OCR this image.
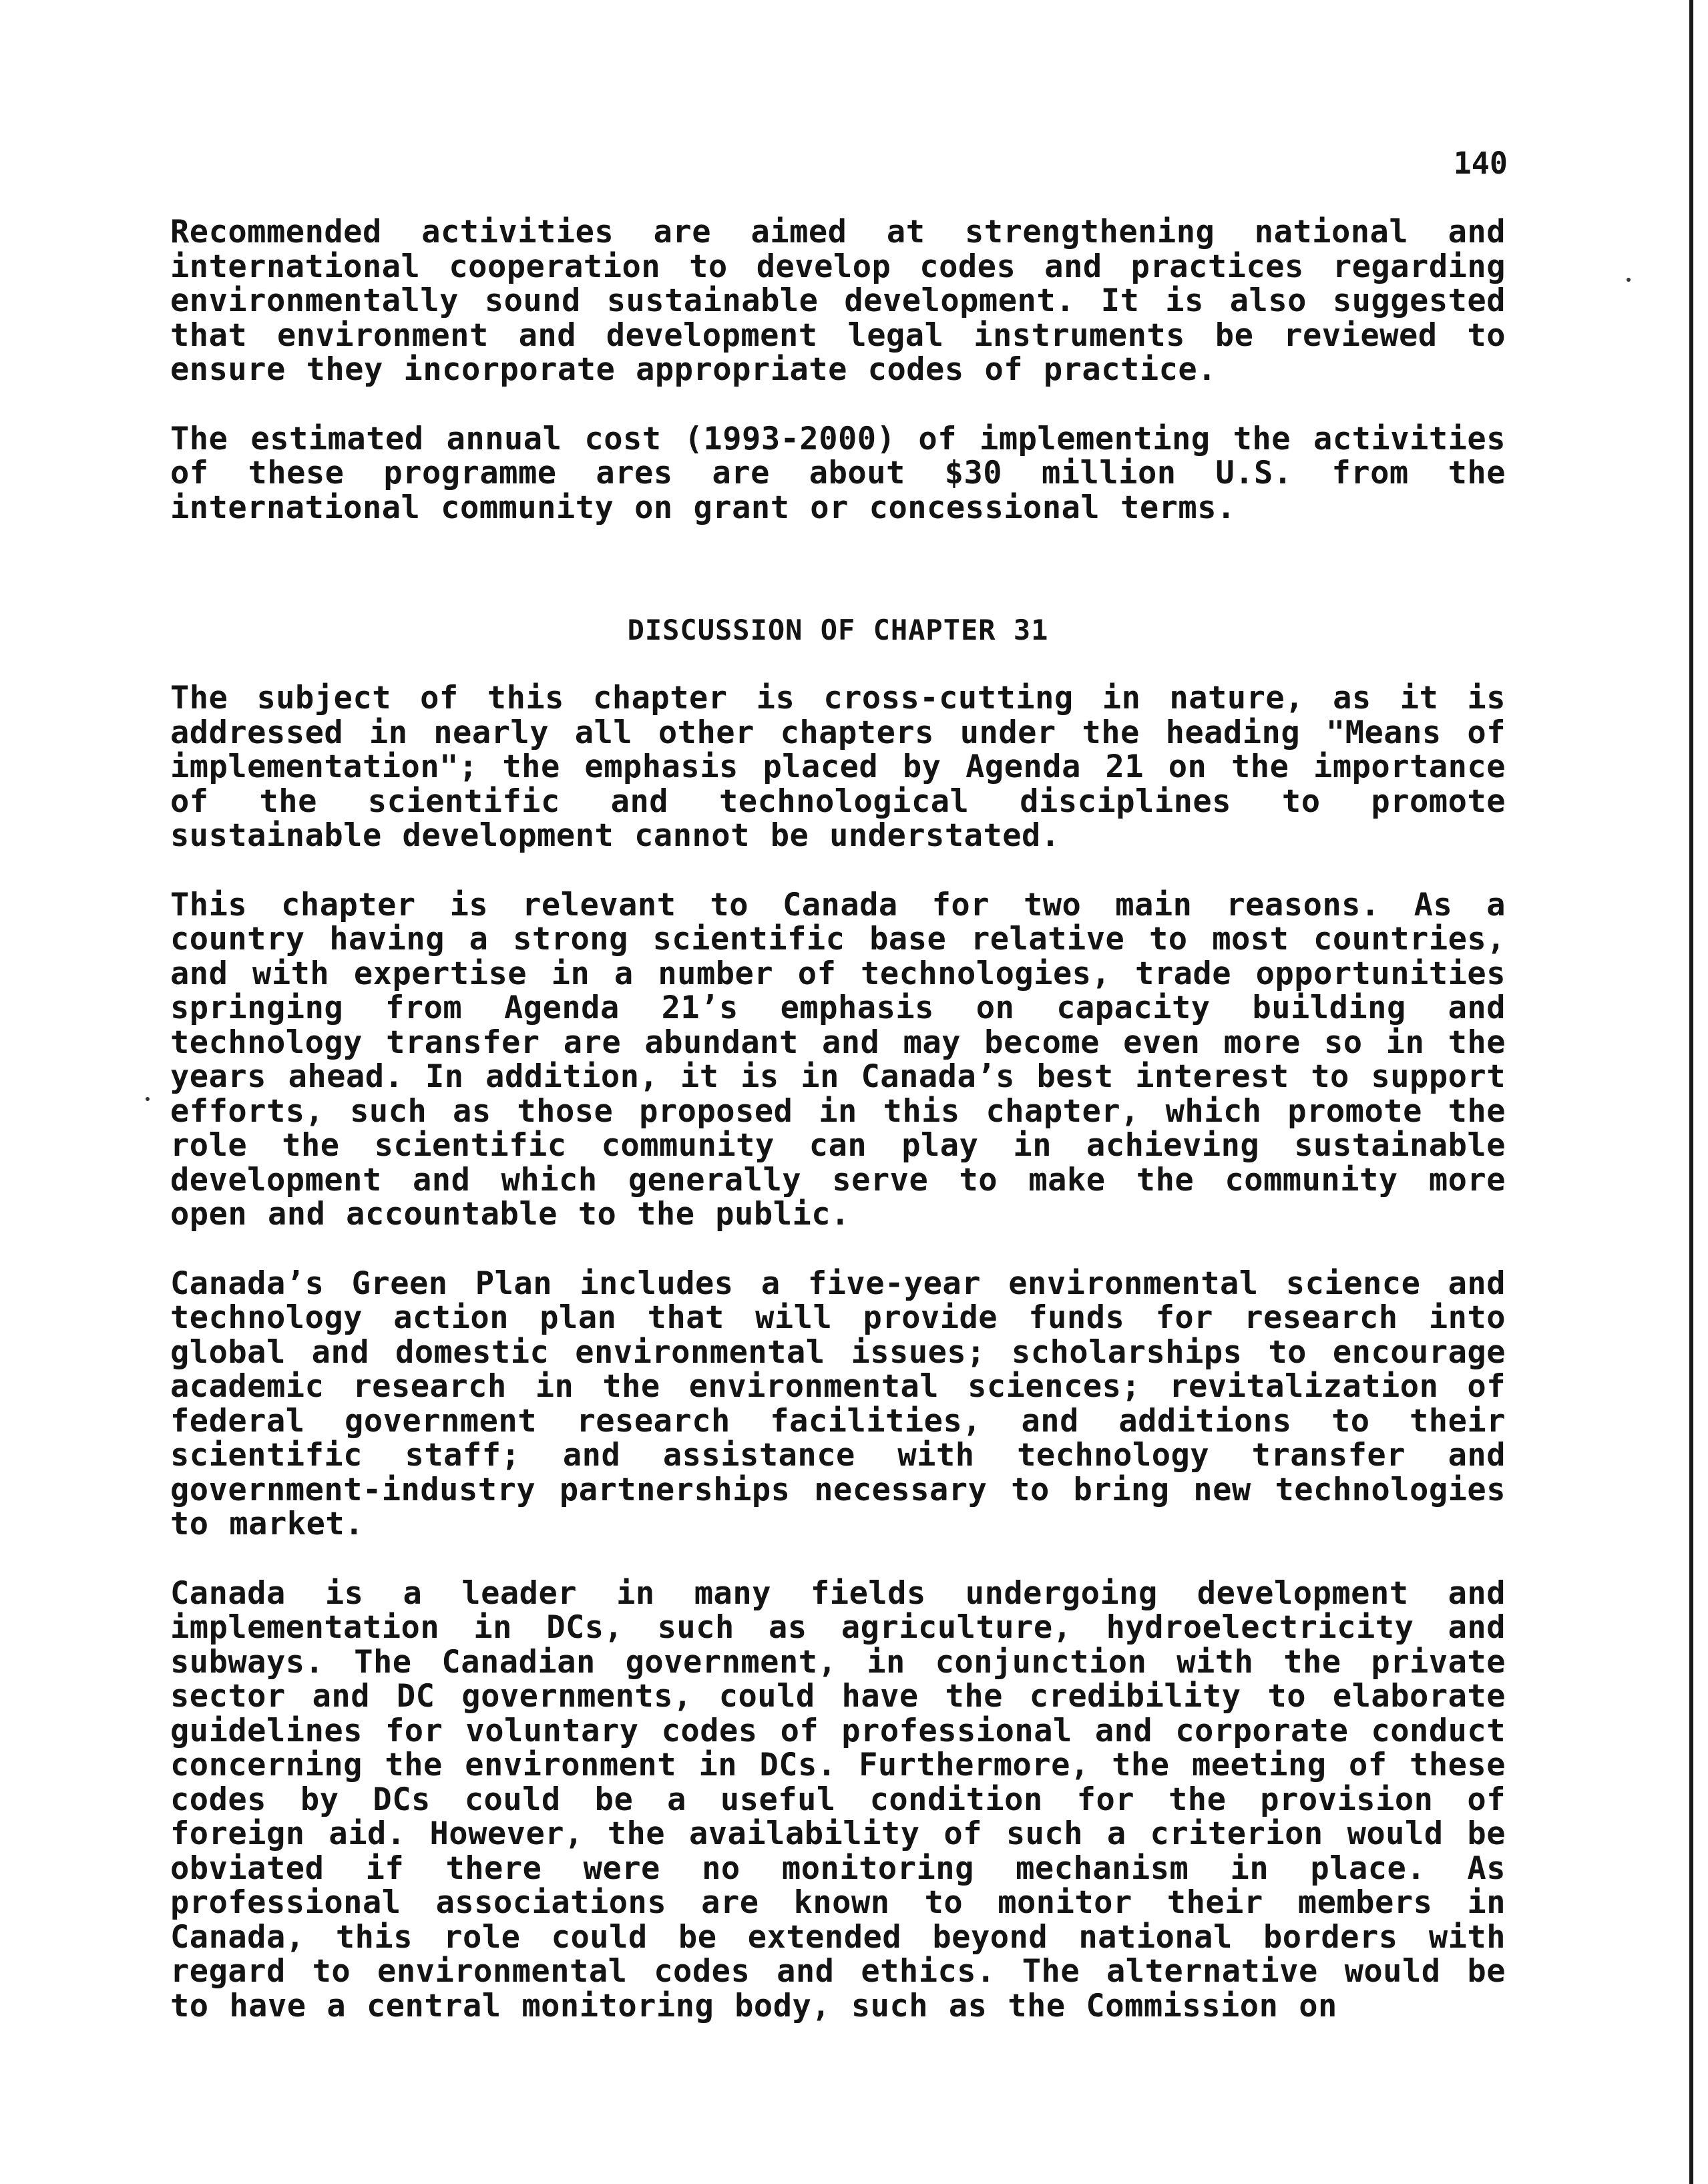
140

Recommended activities are aimed at strengthening national and international cooperation to develop codes and practices regarding environmentally sound sustainable development. It is also suggested that environment and development legal instruments be reviewed to ensure they incorporate appropriate codes of practice.

The estimated annual cost (1993-2000) of implementing the activities of these programme ares are about $30 million U.S. from the international community on grant or concessional terms.

DISCUSSION OF CHAPTER 31

The subject of this chapter is cross-cutting in nature, as it is addressed in nearly all other chapters under the heading "Means of implementation"; the emphasis placed by Agenda 21 on the importance of the scientific and technological disciplines to promote sustainable development cannot be understated.

This chapter is relevant to Canada for two main reasons. As a country having a strong scientific base relative to most countries, and with expertise in a number of technologies, trade opportunities springing from Agenda 21’s emphasis on capacity building and technology transfer are abundant and may become even more so in the years ahead. In addition, it is in Canada’s best interest to support efforts, such as those proposed in this chapter, which promote the role the scientific community can play in achieving sustainable development and which generally serve to make the community more open and accountable to the public.

Canada’s Green Plan includes a five-year environmental science and technology action plan that will provide funds for research into global and domestic environmental issues; scholarships to encourage academic research in the environmental sciences; revitalization of federal government research facilities, and additions to their scientific staff; and assistance with technology transfer and government-industry partnerships necessary to bring new technologies to market.

Canada is a leader in many fields undergoing development and implementation in DCs, such as agriculture, hydroelectricity and subways. The Canadian government, in conjunction with the private sector and DC governments, could have the credibility to elaborate guidelines for voluntary codes of professional and corporate conduct concerning the environment in DCs. Furthermore, the meeting of these codes by DCs could be a useful condition for the provision of foreign aid. However, the availability of such a criterion would be obviated if there were no monitoring mechanism in place. As professional associations are known to monitor their members in Canada, this role could be extended beyond national borders with regard to environmental codes and ethics. The alternative would be to have a central monitoring body, such as the Commission on
